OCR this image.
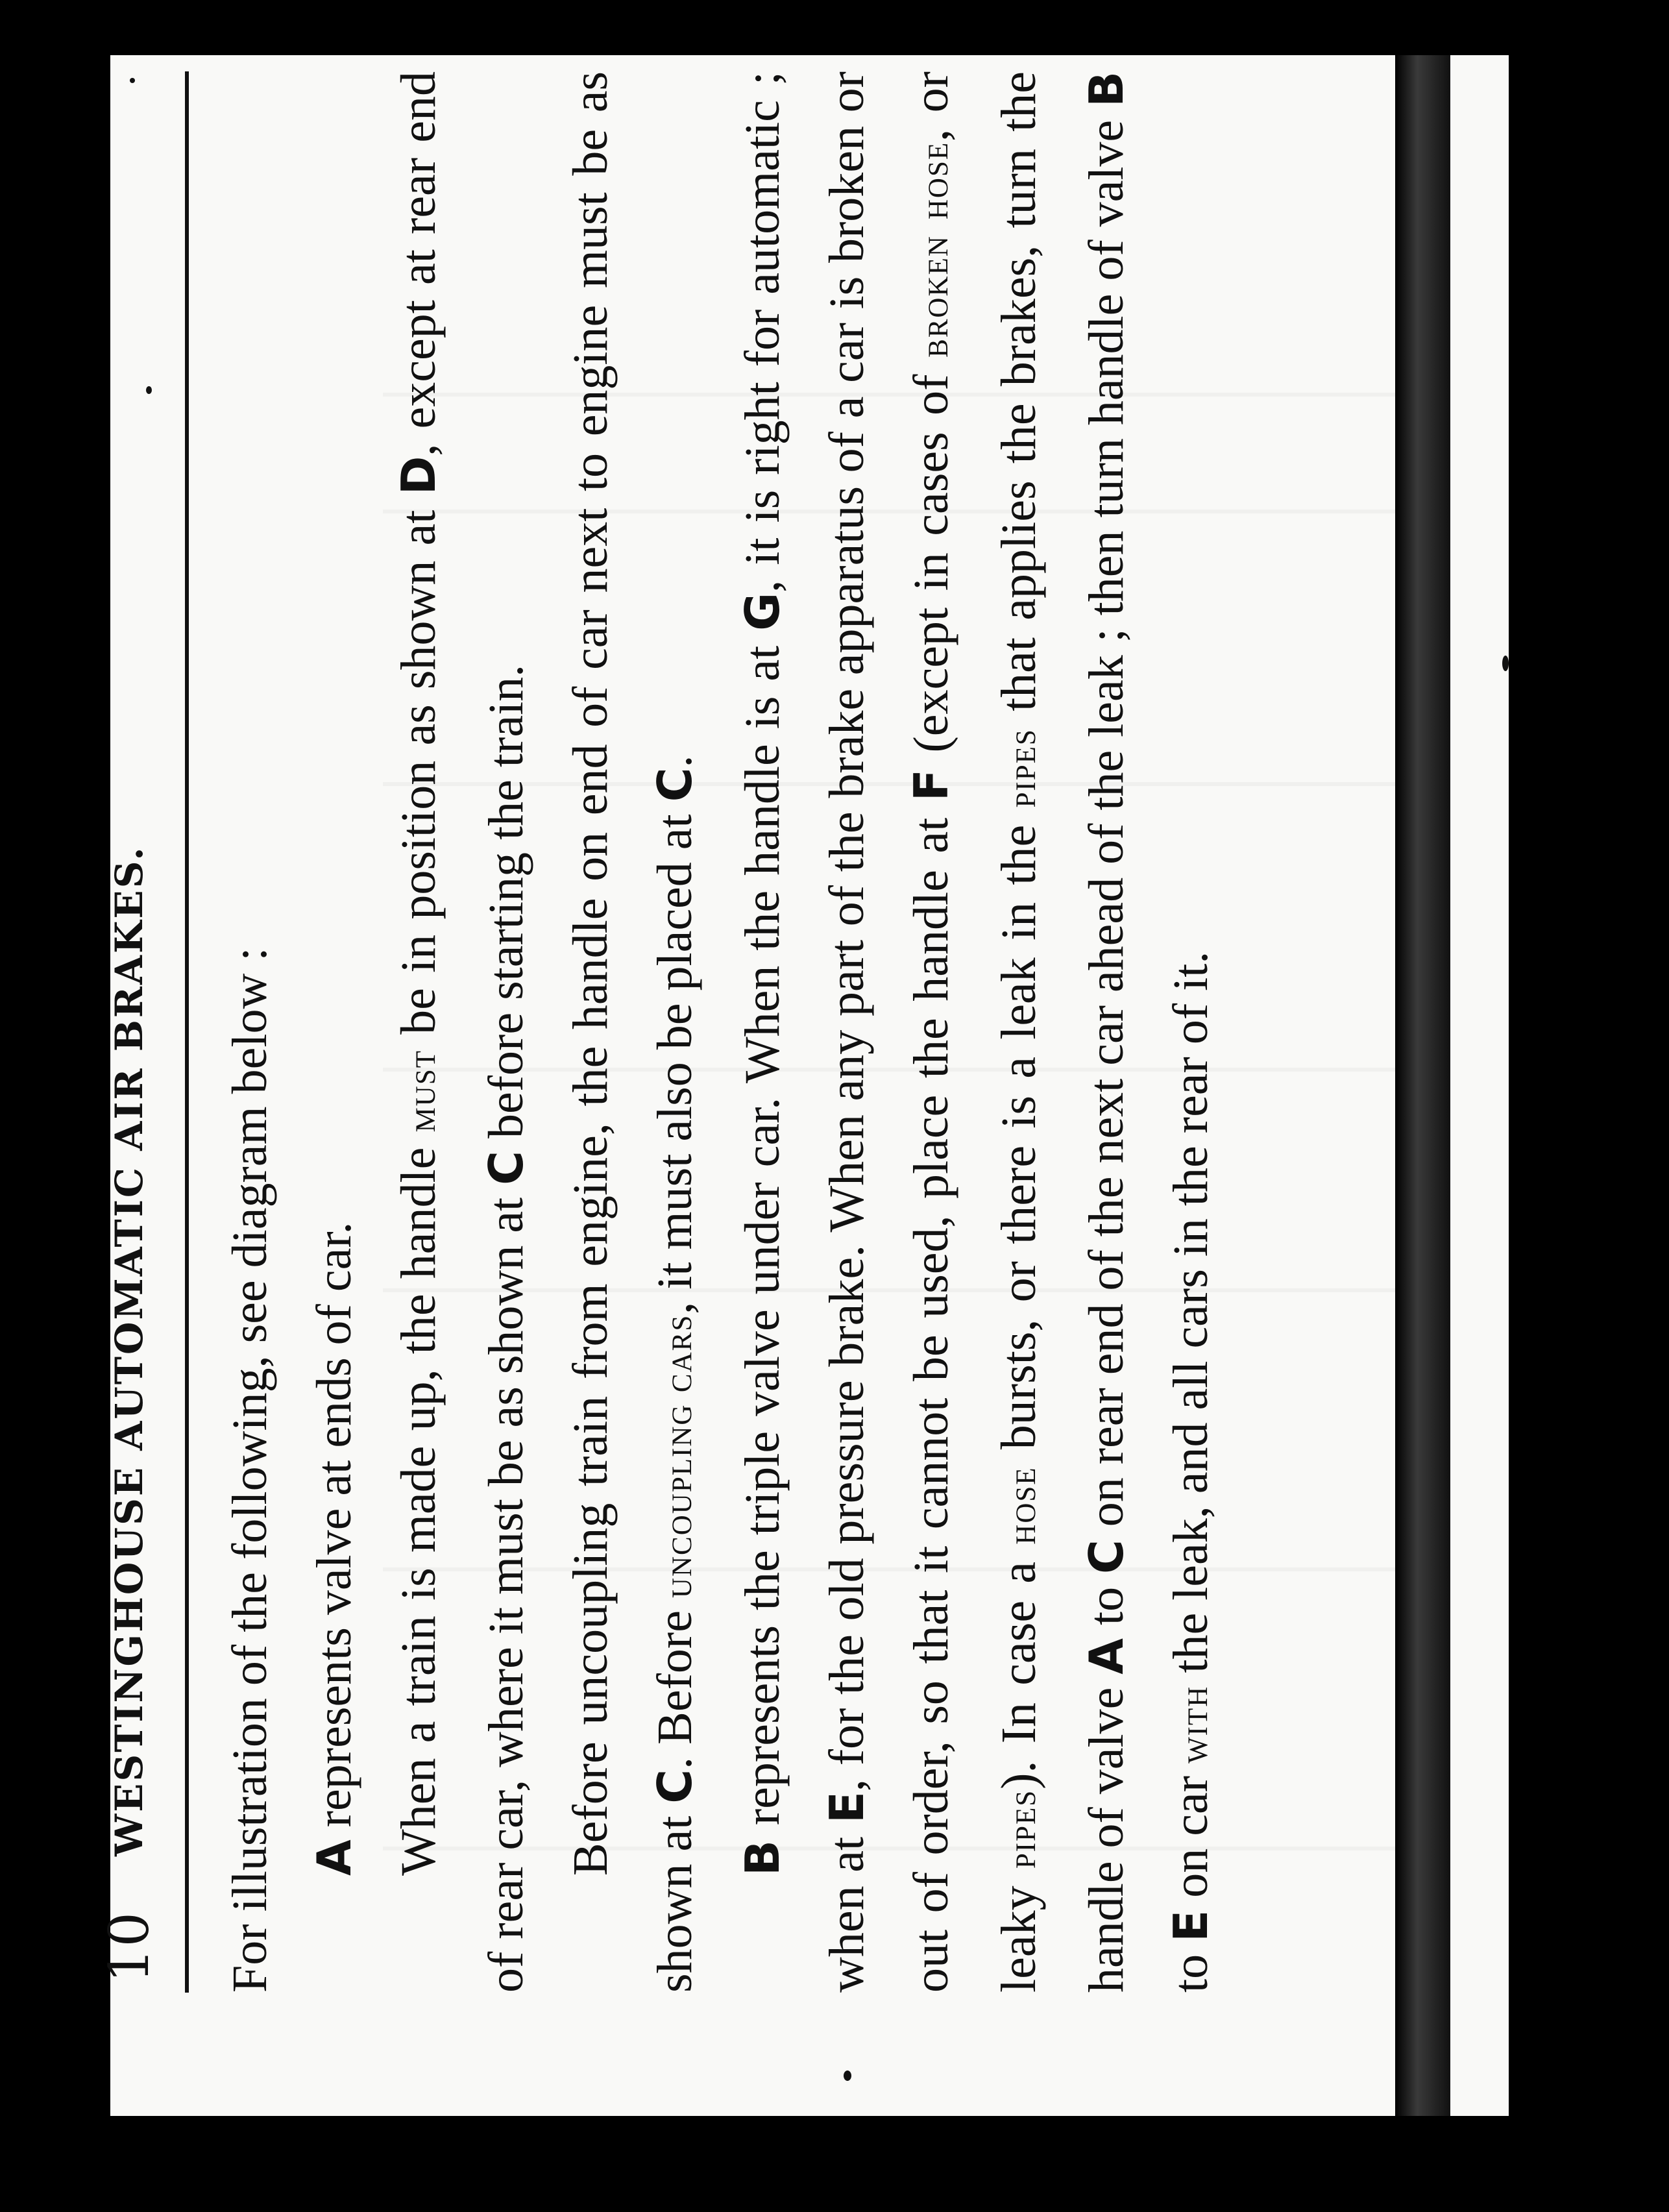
10
WESTINGHOUSE AUTOMATIC AIR BRAKES.	For illustration of the following, see diagram below : A represents valve at ends of car. When a train is made up, the handle must be in position as shown at D, except at rear end of rear car, where it must be as shown at C before starting the train. Before uncoupling train from engine, the handle on end of car next to engine must be as shown at C. Before uncoupling cars, it must also be placed at C.

B represents the triple valve under car. When the handle is at G, it is right for automatic ; when at E, for the old pressure brake. When any part of the brake apparatus of a car is broken or out of order, so that it cannot be used, place the handle at F (except in cases of broken hose, or leaky pipes). In case a hose bursts, or there is a leak in the pipes that applies the brakes, turn the handle of valve A to C on rear end of the next car ahead of the leak ; then turn handle of valve B to E on car with the leak, and all cars in the rear of it.
